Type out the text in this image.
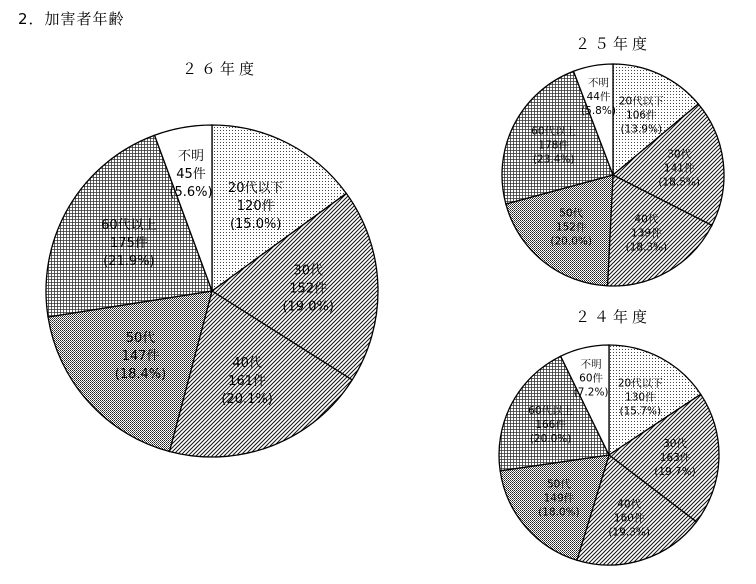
2．加害者年齢
２６年度
２５年度
２４年度
20代以下
120件
(15.0%)
30代
152件
(19.0%)
40代
161件
(20.1%)
50代
147件
(18.4%)
60代以上
175件
(21.9%)
不明
45件
(5.6%)
20代以下
106件
(13.9%)
30代
141件
(18.5%)
40代
139件
(18.3%)
50代
152件
(20.0%)
60代以上
178件
(23.4%)
不明
44件
(5.8%)
20代以下
130件
(15.7%)
30代
163件
(19.7%)
40代
160件
(19.3%)
50代
149件
(18.0%)
60代以上
166件
(20.0%)
不明
60件
(7.2%)
